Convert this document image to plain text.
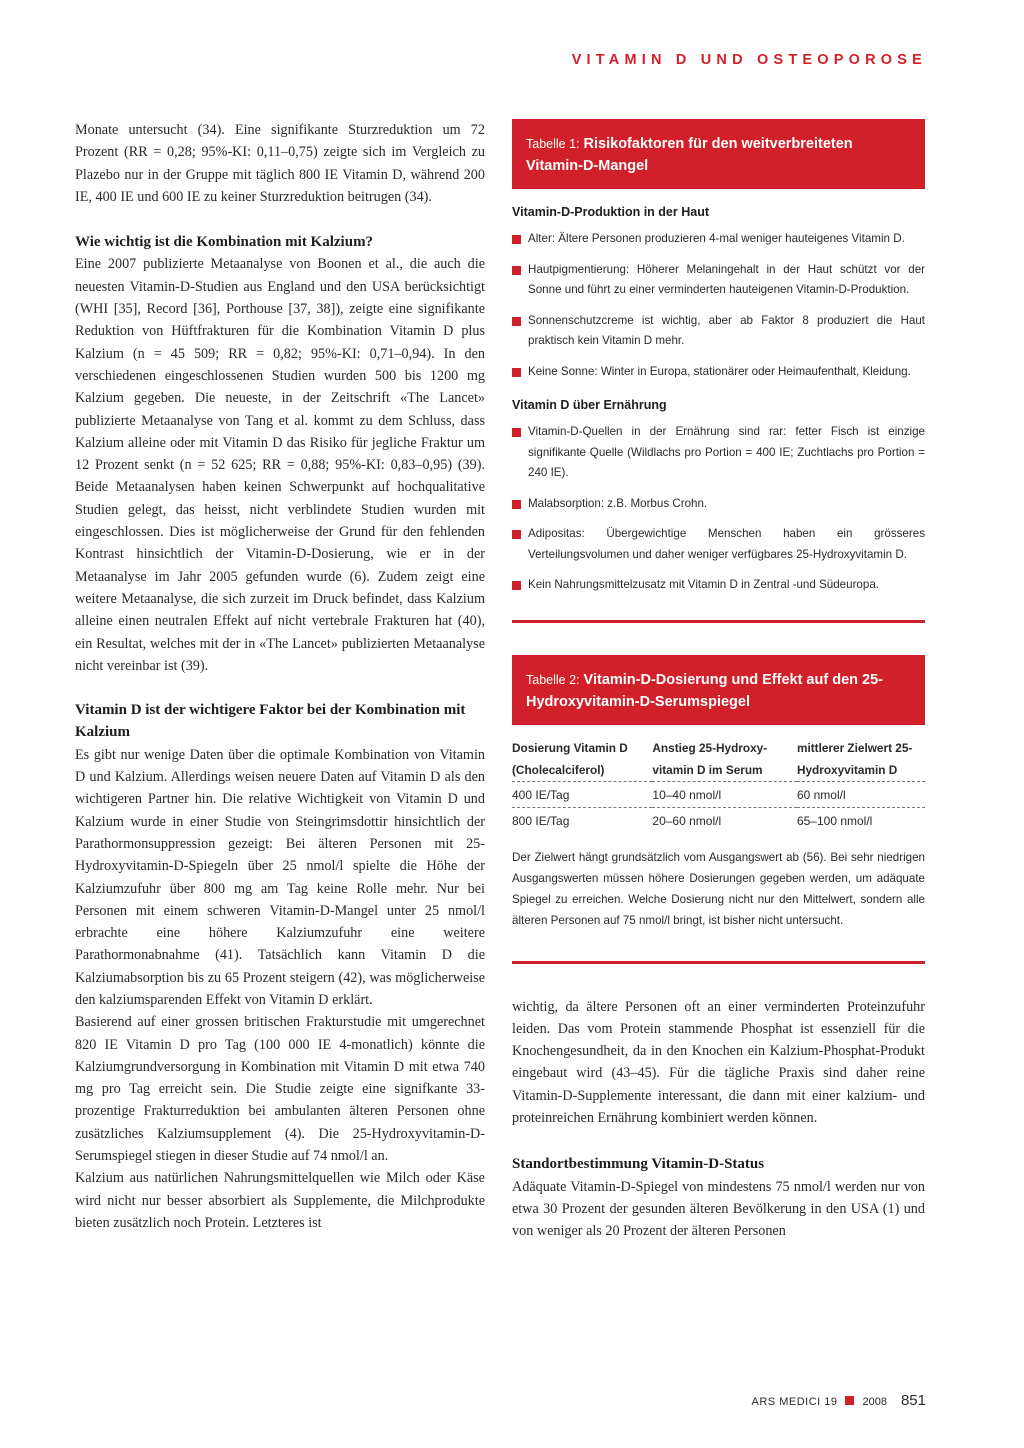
VITAMIN D UND OSTEOPOROSE

Monate untersucht (34). Eine signifikante Sturzreduktion um 72 Prozent (RR = 0,28; 95%-KI: 0,11–0,75) zeigte sich im Vergleich zu Plazebo nur in der Gruppe mit täglich 800 IE Vitamin D, während 200 IE, 400 IE und 600 IE zu keiner Sturzreduktion beitrugen (34).

Wie wichtig ist die Kombination mit Kalzium?

Eine 2007 publizierte Metaanalyse von Boonen et al., die auch die neuesten Vitamin-D-Studien aus England und den USA berücksichtigt (WHI [35], Record [36], Porthouse [37, 38]), zeigte eine signifikante Reduktion von Hüftfrakturen für die Kombination Vitamin D plus Kalzium (n = 45 509; RR = 0,82; 95%-KI: 0,71–0,94). In den verschiedenen eingeschlossenen Studien wurden 500 bis 1200 mg Kalzium gegeben. Die neueste, in der Zeitschrift «The Lancet» publizierte Metaanalyse von Tang et al. kommt zu dem Schluss, dass Kalzium alleine oder mit Vitamin D das Risiko für jegliche Fraktur um 12 Prozent senkt (n = 52 625; RR = 0,88; 95%-KI: 0,83–0,95) (39). Beide Metaanalysen haben keinen Schwerpunkt auf hochqualitative Studien gelegt, das heisst, nicht verblindete Studien wurden mit eingeschlossen. Dies ist möglicherweise der Grund für den fehlenden Kontrast hinsichtlich der Vitamin-D-Dosierung, wie er in der Metaanalyse im Jahr 2005 gefunden wurde (6). Zudem zeigt eine weitere Metaanalyse, die sich zurzeit im Druck befindet, dass Kalzium alleine einen neutralen Effekt auf nicht vertebrale Frakturen hat (40), ein Resultat, welches mit der in «The Lancet» publizierten Metaanalyse nicht vereinbar ist (39).

Vitamin D ist der wichtigere Faktor bei der Kombination mit Kalzium

Es gibt nur wenige Daten über die optimale Kombination von Vitamin D und Kalzium. Allerdings weisen neuere Daten auf Vitamin D als den wichtigeren Partner hin. Die relative Wichtigkeit von Vitamin D und Kalzium wurde in einer Studie von Steingrimsdottir hinsichtlich der Parathormonsuppression gezeigt: Bei älteren Personen mit 25-Hydroxyvitamin-D-Spiegeln über 25 nmol/l spielte die Höhe der Kalziumzufuhr über 800 mg am Tag keine Rolle mehr. Nur bei Personen mit einem schweren Vitamin-D-Mangel unter 25 nmol/l erbrachte eine höhere Kalziumzufuhr eine weitere Parathormonabnahme (41). Tatsächlich kann Vitamin D die Kalziumabsorption bis zu 65 Prozent steigern (42), was möglicherweise den kalziumsparenden Effekt von Vitamin D erklärt.

Basierend auf einer grossen britischen Frakturstudie mit umgerechnet 820 IE Vitamin D pro Tag (100 000 IE 4-monatlich) könnte die Kalziumgrundversorgung in Kombination mit Vitamin D mit etwa 740 mg pro Tag erreicht sein. Die Studie zeigte eine signifkante 33-prozentige Frakturreduktion bei ambulanten älteren Personen ohne zusätzliches Kalziumsupplement (4). Die 25-Hydroxyvitamin-D-Serumspiegel stiegen in dieser Studie auf 74 nmol/l an.

Kalzium aus natürlichen Nahrungsmittelquellen wie Milch oder Käse wird nicht nur besser absorbiert als Supplemente, die Milchprodukte bieten zusätzlich noch Protein. Letzteres ist

Tabelle 1: Risikofaktoren für den weitverbreiteten Vitamin-D-Mangel

Vitamin-D-Produktion in der Haut

Alter: Ältere Personen produzieren 4-mal weniger hauteigenes Vitamin D.
Hautpigmentierung: Höherer Melaningehalt in der Haut schützt vor der Sonne und führt zu einer verminderten hauteigenen Vitamin-D-Produktion.
Sonnenschutzcreme ist wichtig, aber ab Faktor 8 produziert die Haut praktisch kein Vitamin D mehr.
Keine Sonne: Winter in Europa, stationärer oder Heimaufenthalt, Kleidung.

Vitamin D über Ernährung

Vitamin-D-Quellen in der Ernährung sind rar: fetter Fisch ist einzige signifikante Quelle (Wildlachs pro Portion = 400 IE; Zuchtlachs pro Portion = 240 IE).
Malabsorption: z.B. Morbus Crohn.
Adipositas: Übergewichtige Menschen haben ein grösseres Verteilungsvolumen und daher weniger verfügbares 25-Hydroxyvitamin D.
Kein Nahrungsmittelzusatz mit Vitamin D in Zentral -und Südeuropa.
Tabelle 2: Vitamin-D-Dosierung und Effekt auf den 25-Hydroxyvitamin-D-Serumspiegel
Dosierung Vitamin D (Cholecalciferol)	Anstieg 25-Hydroxy-vitamin D im Serum	mittlerer Zielwert 25-Hydroxyvitamin D
400 IE/Tag	10–40 nmol/l	60 nmol/l
800 IE/Tag	20–60 nmol/l	65–100 nmol/l

Der Zielwert hängt grundsätzlich vom Ausgangswert ab (56). Bei sehr niedrigen Ausgangswerten müssen höhere Dosierungen gegeben werden, um adäquate Spiegel zu erreichen. Welche Dosierung nicht nur den Mittelwert, sondern alle älteren Personen auf 75 nmol/l bringt, ist bisher nicht untersucht.

wichtig, da ältere Personen oft an einer verminderten Proteinzufuhr leiden. Das vom Protein stammende Phosphat ist essenziell für die Knochengesundheit, da in den Knochen ein Kalzium-Phosphat-Produkt eingebaut wird (43–45). Für die tägliche Praxis sind daher reine Vitamin-D-Supplemente interessant, die dann mit einer kalzium- und proteinreichen Ernährung kombiniert werden können.

Standortbestimmung Vitamin-D-Status

Adäquate Vitamin-D-Spiegel von mindestens 75 nmol/l werden nur von etwa 30 Prozent der gesunden älteren Bevölkerung in den USA (1) und von weniger als 20 Prozent der älteren Personen

ARS MEDICI 19 2008 851
